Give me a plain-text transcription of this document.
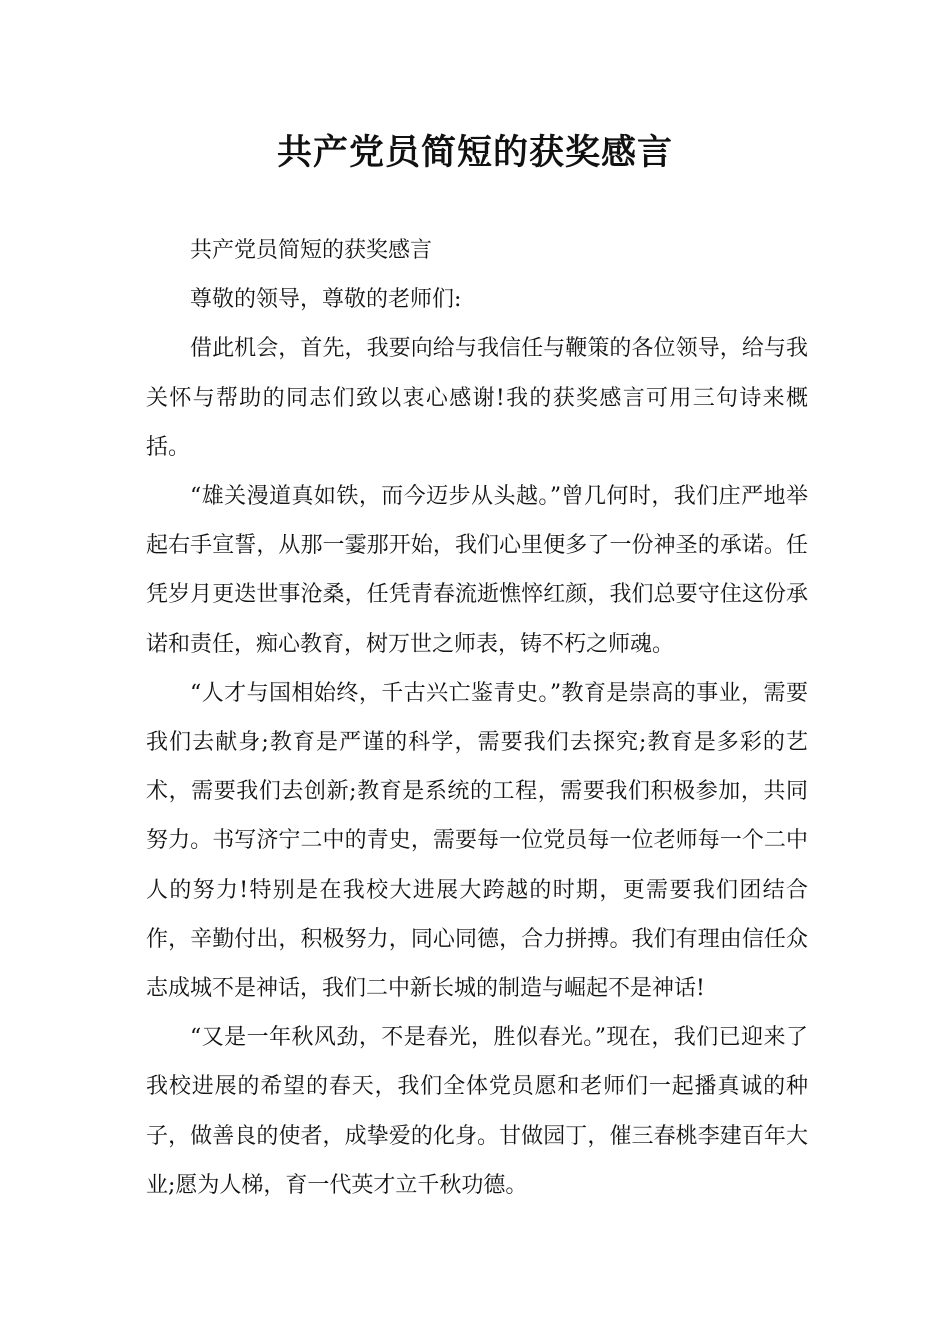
共产党员简短的获奖感言

共产党员简短的获奖感言

尊敬的领导，尊敬的老师们:

借此机会，首先，我要向给与我信任与鞭策的各位领导，给与我关怀与帮助的同志们致以衷心感谢!我的获奖感言可用三句诗来概括。

“雄关漫道真如铁，而今迈步从头越。”曾几何时，我们庄严地举起右手宣誓，从那一霎那开始，我们心里便多了一份神圣的承诺。任凭岁月更迭世事沧桑，任凭青春流逝憔悴红颜，我们总要守住这份承诺和责任，痴心教育，树万世之师表，铸不朽之师魂。

“人才与国相始终，千古兴亡鉴青史。”教育是崇高的事业，需要我们去献身;教育是严谨的科学，需要我们去探究;教育是多彩的艺术，需要我们去创新;教育是系统的工程，需要我们积极参加，共同努力。书写济宁二中的青史，需要每一位党员每一位老师每一个二中人的努力!特别是在我校大进展大跨越的时期，更需要我们团结合作，辛勤付出，积极努力，同心同德，合力拼搏。我们有理由信任众志成城不是神话，我们二中新长城的制造与崛起不是神话!

“又是一年秋风劲，不是春光，胜似春光。”现在，我们已迎来了我校进展的希望的春天，我们全体党员愿和老师们一起播真诚的种子，做善良的使者，成挚爱的化身。甘做园丁，催三春桃李建百年大业;愿为人梯，育一代英才立千秋功德。
